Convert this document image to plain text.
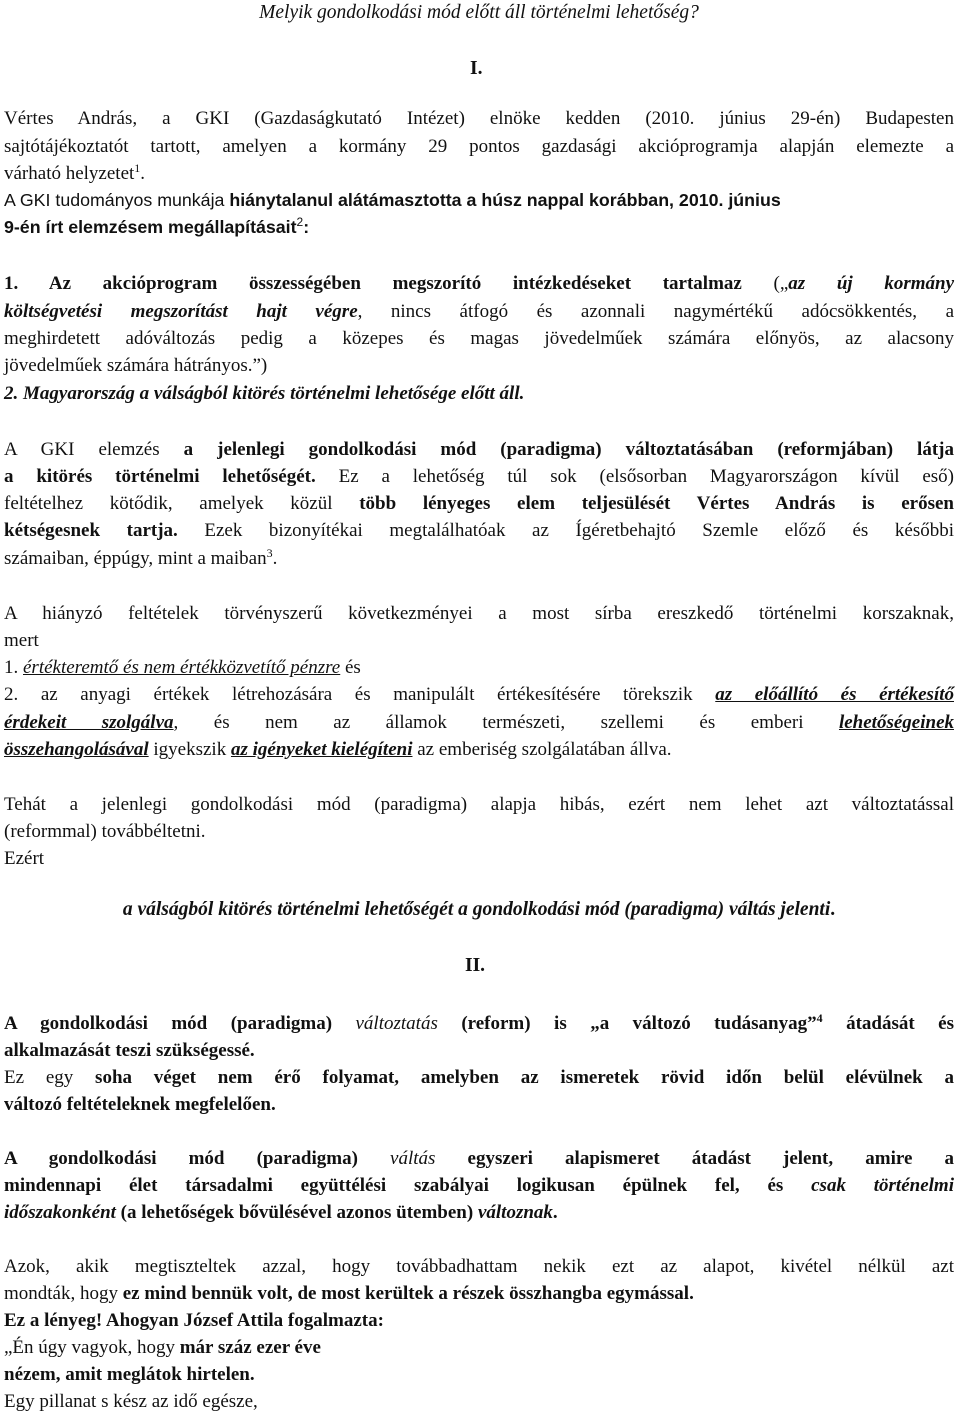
Melyik gondolkodási mód előtt áll történelmi lehetőség?
I.
Vértes András, a GKI (Gazdaságkutató Intézet) elnöke kedden (2010. június 29-én) Budapesten
sajtótájékoztatót tartott, amelyen a kormány 29 pontos gazdasági akcióprogramja alapján elemezte a
várható helyzetet$^1$.
A GKI tudományos munkája hiánytalanul alátámasztotta a húsz nappal korábban, 2010. június
9-én írt elemzésem megállapításait$^2$:
1. Az akcióprogram összességében megszorító intézkedéseket tartalmaz („az új kormány
költségvetési megszorítást hajt végre, nincs átfogó és azonnali nagymértékű adócsökkentés, a
meghirdetett adóváltozás pedig a közepes és magas jövedelműek számára előnyös, az alacsony
jövedelműek számára hátrányos.”)
2. Magyarország a válságból kitörés történelmi lehetősége előtt áll.
A GKI elemzés a jelenlegi gondolkodási mód (paradigma) változtatásában (reformjában) látja
a kitörés történelmi lehetőségét. Ez a lehetőség túl sok (elsősorban Magyarországon kívül eső)
feltételhez kötődik, amelyek közül több lényeges elem teljesülését Vértes András is erősen
kétségesnek tartja. Ezek bizonyítékai megtalálhatóak az Ígéretbehajtó Szemle előző és későbbi
számaiban, éppúgy, mint a maiban$^3$.
A hiányzó feltételek törvényszerű következményei a most sírba ereszkedő történelmi korszaknak,
mert
1. értékteremtő és nem értékközvetítő pénzre és
2. az anyagi értékek létrehozására és manipulált értékesítésére törekszik az előállító és értékesítő
érdekeit szolgálva, és nem az államok természeti, szellemi és emberi lehetőségeinek
összehangolásával igyekszik az igényeket kielégíteni az emberiség szolgálatában állva.
Tehát a jelenlegi gondolkodási mód (paradigma) alapja hibás, ezért nem lehet azt változtatással
(reformmal) továbbéltetni.
Ezért
a válságból kitörés történelmi lehetőségét a gondolkodási mód (paradigma) váltás jelenti.
II.
A gondolkodási mód (paradigma) változtatás (reform) is „a változó tudásanyag”$^4$ átadását és
alkalmazását teszi szükségessé.
Ez egy soha véget nem érő folyamat, amelyben az ismeretek rövid időn belül elévülnek a
változó feltételeknek megfelelően.
A gondolkodási mód (paradigma) váltás egyszeri alapismeret átadást jelent, amire a
mindennapi élet társadalmi együttélési szabályai logikusan épülnek fel, és csak történelmi
időszakonként (a lehetőségek bővülésével azonos ütemben) változnak.
Azok, akik megtiszteltek azzal, hogy továbbadhattam nekik ezt az alapot, kivétel nélkül azt
mondták, hogy ez mind bennük volt, de most kerültek a részek összhangba egymással.
Ez a lényeg! Ahogyan József Attila fogalmazta:
„Én úgy vagyok, hogy már száz ezer éve
nézem, amit meglátok hirtelen.
Egy pillanat s kész az idő egésze,
